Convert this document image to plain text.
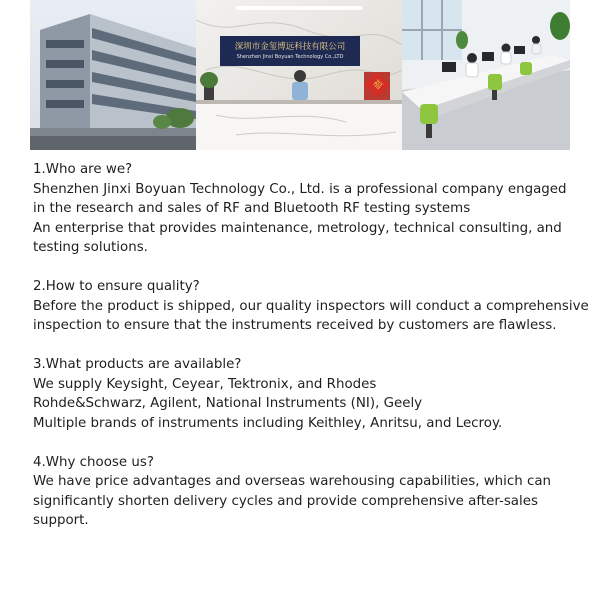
深圳市金玺博远科技有限公司
Shenzhen Jinxi Boyuan Technology Co.,LTD
福
1.Who are we?
Shenzhen Jinxi Boyuan Technology Co., Ltd. is a professional company engaged
in the research and sales of RF and Bluetooth RF testing systems
An enterprise that provides maintenance, metrology, technical consulting, and
testing solutions.
2.How to ensure quality?
Before the product is shipped, our quality inspectors will conduct a comprehensive
inspection to ensure that the instruments received by customers are flawless.
3.What products are available?
We supply Keysight, Ceyear, Tektronix, and Rhodes
Rohde&Schwarz, Agilent, National Instruments (NI), Geely
Multiple brands of instruments including Keithley, Anritsu, and Lecroy.
4.Why choose us?
We have price advantages and overseas warehousing capabilities, which can
significantly shorten delivery cycles and provide comprehensive after-sales
support.
